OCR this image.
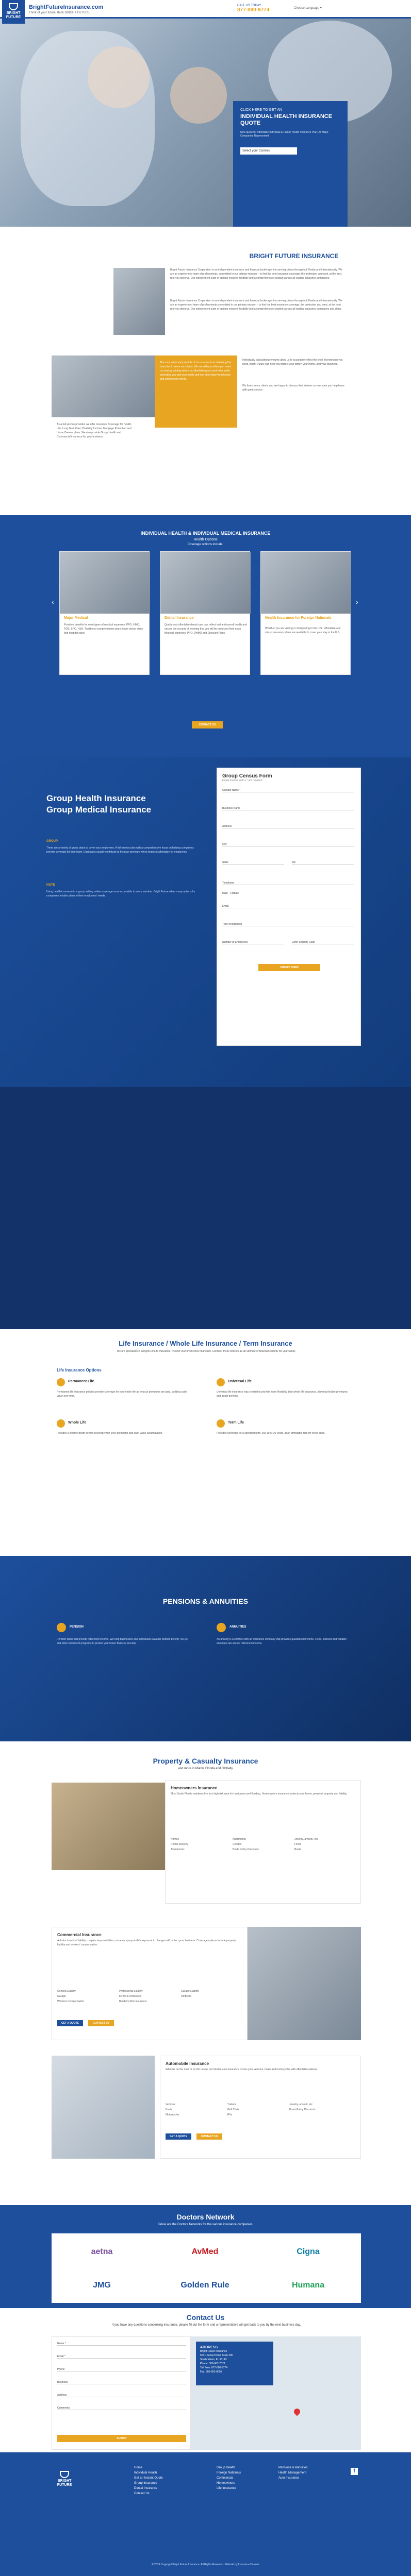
BRIGHT FUTURE
BrightFutureInsurance.com
Think of your future, think BRIGHT FUTURE!
CALL US TODAY
877-880-9774	Choose Language ▾
CLICK HERE TO GET AN
INDIVIDUAL HEALTH INSURANCE QUOTE
Now quote for Affordable Individual & Family Health Insurance Plan, All Major Companies Represented
Select your Carriers
BRIGHT FUTURE INSURANCE
Bright Future Insurance Corporation is an independent insurance and financial brokerage firm serving clients throughout Florida and internationally. We are an experienced team of professionals, committed to our primary mission – to find the best insurance coverage, the protection you want, at the best rate you deserve. Our independent suite of options ensures flexibility and a comprehensive solution across all leading insurance companies.
Bright Future Insurance Corporation is an independent insurance and financial brokerage firm serving clients throughout Florida and internationally. We are an experienced team of professionals committed to our primary mission – to find the best insurance coverage, the protection you want, at the best rate you deserve. Our independent suite of options ensures flexibility and a comprehensive solution across all leading insurance companies and plans.
As a full service provider, we offer Insurance Coverage for Health, Life, Long Term Care, Disability Income, Mortgage Protection and Home Owners plans. We also provide Group Health and Commercial insurance for your business.
The core value and principle of our success is in delivering the best plan to serve our clients. We are with you when you need us most, providing advice on affordable plans and value while protecting you and your family and our client base from losses and unforeseen events.
Individually calculated premiums allow us to accurately reflect the level of protection you need. Bright Future can help you protect your family, your home, and your business.
We listen to our clients and are happy to discuss their desires so everyone you help leave with great service.
INDIVIDUAL HEALTH & INDIVIDUAL MEDICAL INSURANCE
Health Options
Coverage options include:
‹	›
Major Medical
Provides benefits for most types of medical expenses: PPO, HMO, POS, EPO, HSA. Traditional comprehensive plans cover doctor visits and hospital stays.
Dental Insurance
Quality and affordable dental care can reflect oral and overall health and secure the security of knowing that you will be protected from extra financial expenses. PPO, DHMO and Discount Plans.
Health Insurance for Foreign Nationals
Whether you are visiting or immigrating to the U.S., affordable and robust insurance plans are available to cover your stay in the U.S.
CONTACT US
Group Health Insurance
Group Medical Insurance
GROUP
There are a variety of group plans to cover your employees. A full-service plan with a comprehensive focus on helping companies provide coverage for their team. Employers usually contribute to the plan premium which makes it affordable for employees.
NOTE
Using health insurance in a group setting makes coverage more accessible to every member. Bright Future offers many options for companies to tailor plans to their employees' needs.
Group Census Form
Fields marked with a * are required
Contact Name *
Business Name
Address
City
State	Zip
Telephone
Male · Female
Email
Type of Business
Number of Employees	Enter Security Code
SUBMIT FORM
Life Insurance / Whole Life Insurance / Term Insurance
We are specialists in all types of Life Insurance. Protect your loved ones financially. Consider these policies as an ultimate of financial security for your family.
Life Insurance Options
Permanent Life
Permanent life insurance policies provide coverage for your entire life as long as premiums are paid, building cash value over time.
Universal Life
Universal life insurance was created to provide more flexibility than whole life insurance, allowing flexible premiums and death benefits.
Whole Life
Provides a lifetime death benefit coverage with level premiums and cash value accumulation.
Term Life
Provides coverage for a specified term, like 10 or 20 years, at an affordable rate for loved ones.
PENSIONS & ANNUITIES
PENSION
Pension plans that provide retirement income. We help businesses and individuals evaluate defined benefit, 401(k) and other retirement programs to protect your future financial security.
ANNUITIES
An annuity is a contract with an insurance company that provides guaranteed income. Fixed, indexed and variable annuities can secure retirement income.
Property & Casualty Insurance
and more in Miami, Florida and Globally
Homeowners Insurance
Most South Florida residents live in a high risk area for hurricanes and flooding. Homeowners insurance protects your home, personal property and liability.
Homes
Rental property
Townhomes
Apartments
Condos
Jewelry, artwork, etc
Flood
Boats
Boats Policy Discounts
Commercial Insurance
A distinct world of liability complex responsibilities, some company and its exposure to changes will protect your business. Coverage options include property, liability and workers' compensation.
General Liability
Garage
Workers Compensation
Professional Liability
Errors & Omissions
Builder's Risk Insurance
Garage Liability
Umbrella
GET A QUOTE	CONTACT US
Automobile Insurance
Whether on the road or on the ocean, our Florida auto insurance covers your vehicles, boats and motorcycles with affordable options.
Vehicles
Boats
Motorcycles
Trailers
Golf Carts
RVs
Jewelry, artwork, etc
Boats Policy Discounts
GET A QUOTE	CONTACT US
Doctors Network
Below are the Doctors Networks for the various insurance companies.
aetna	AvMed	Cigna
JMG	Golden Rule	Humana
Contact Us
If you have any questions concerning insurance, please fill out the form and a representative will get back to you by the next business day.
Name *
Email *
Phone
Business
Address
Comments
SUBMIT
ADDRESS
Bright Future Insurance
5001 Sunset Drive Suite 200
South Miami, FL 33143
Phone: 305-667-7878
Toll Free: 877-880-9774
Fax: 305-663-0095
BRIGHT FUTURE
Home
Individual Health
Get an Instant Quote
Group Insurance
Dental Insurance
Contact Us
Group Health
Foreign Nationals
Commercial
Homeowners
Life Insurance
Pensions & Annuities
Health Management
Auto Insurance
f
© 2019 Copyright Bright Future Insurance. All Rights Reserved. Website by Insurance Corners
